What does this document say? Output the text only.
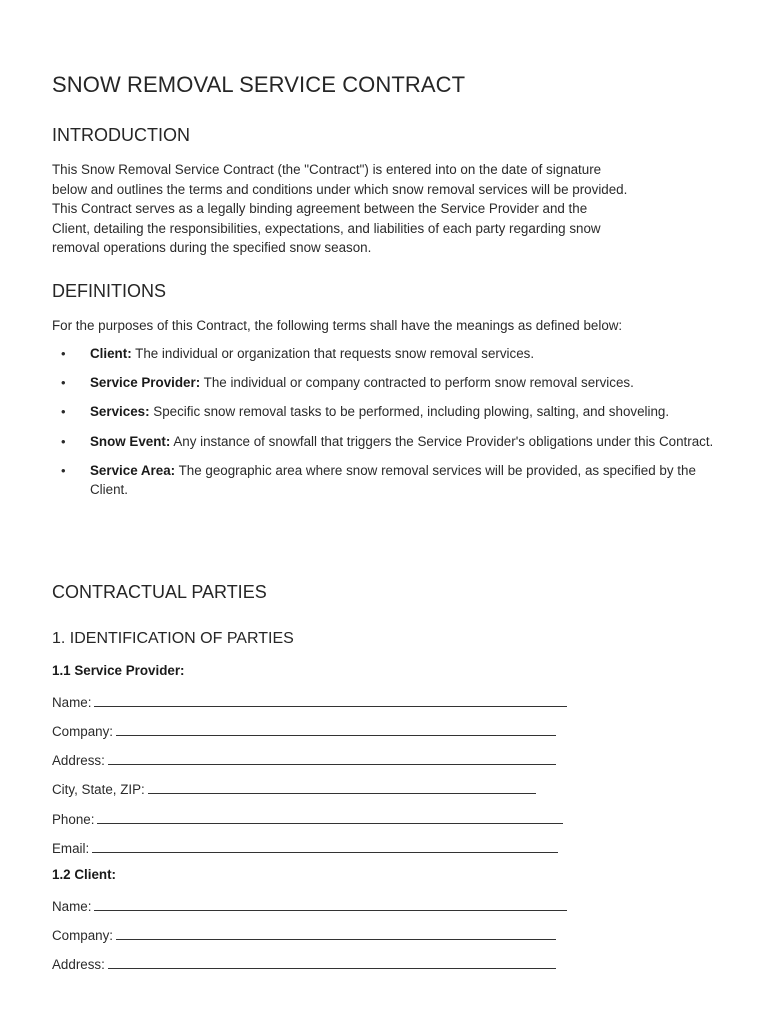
SNOW REMOVAL SERVICE CONTRACT
INTRODUCTION
This Snow Removal Service Contract (the "Contract") is entered into on the date of signature
below and outlines the terms and conditions under which snow removal services will be provided.
This Contract serves as a legally binding agreement between the Service Provider and the
Client, detailing the responsibilities, expectations, and liabilities of each party regarding snow
removal operations during the specified snow season.
DEFINITIONS
For the purposes of this Contract, the following terms shall have the meanings as defined below:
• Client: The individual or organization that requests snow removal services.
• Service Provider: The individual or company contracted to perform snow removal services.
• Services: Specific snow removal tasks to be performed, including plowing, salting, and shoveling.
• Snow Event: Any instance of snowfall that triggers the Service Provider's obligations under this Contract.
• Service Area: The geographic area where snow removal services will be provided, as specified by the Client.
CONTRACTUAL PARTIES
1. IDENTIFICATION OF PARTIES
1.1 Service Provider:
Name:
Company:
Address:
City, State, ZIP:
Phone:
Email:
1.2 Client:
Name:
Company:
Address:
